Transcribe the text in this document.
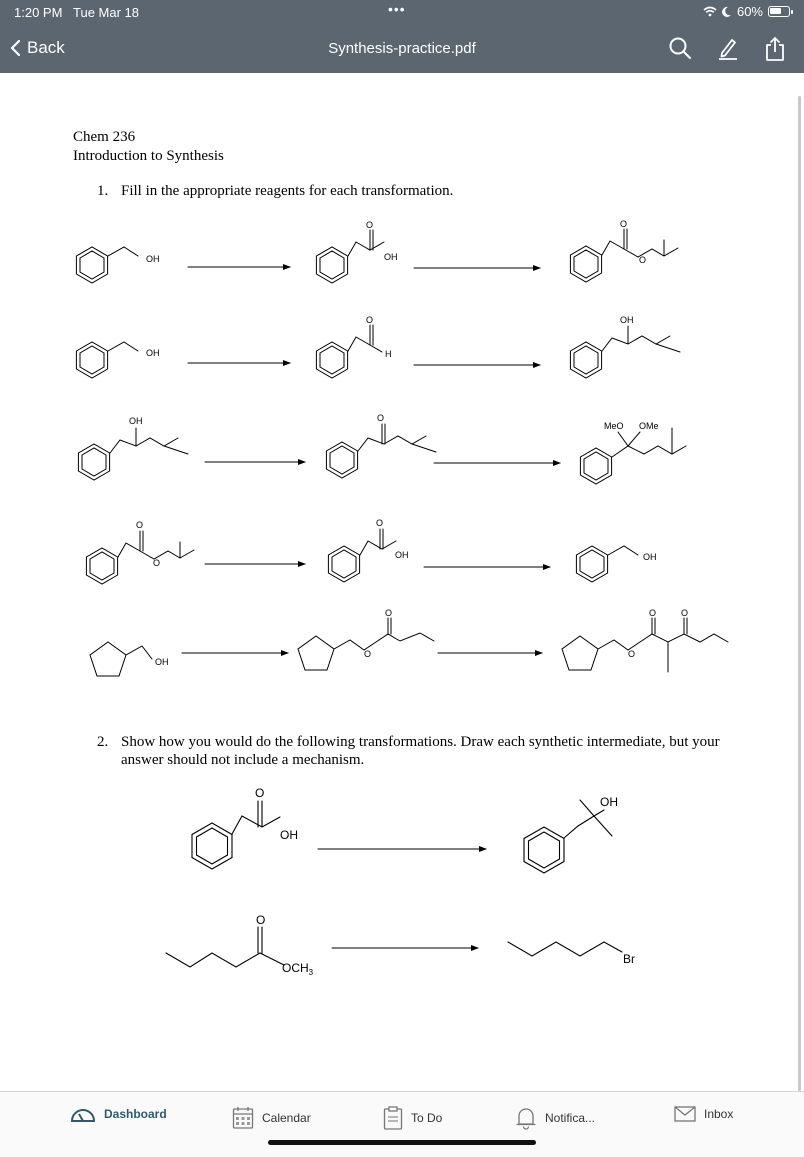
1:20 PM Tue Mar 18	•••	60%
Back	Synthesis-practice.pdf
Chem 236
Introduction to Synthesis
1. Fill in the appropriate reagents for each transformation.
2. Show how you would do the following transformations. Draw each synthetic intermediate, but your answer should not include a mechanism.
OH
O
OH
O
O
OH
O
H
OH
OH	O
MeO OMe
O
O
O
OH	OH
OH
O
O
O	O
O
O
OH
OH
O
$OCH_3$
Br
Dashboard	Calendar	To Do	Notifica...	Inbox
